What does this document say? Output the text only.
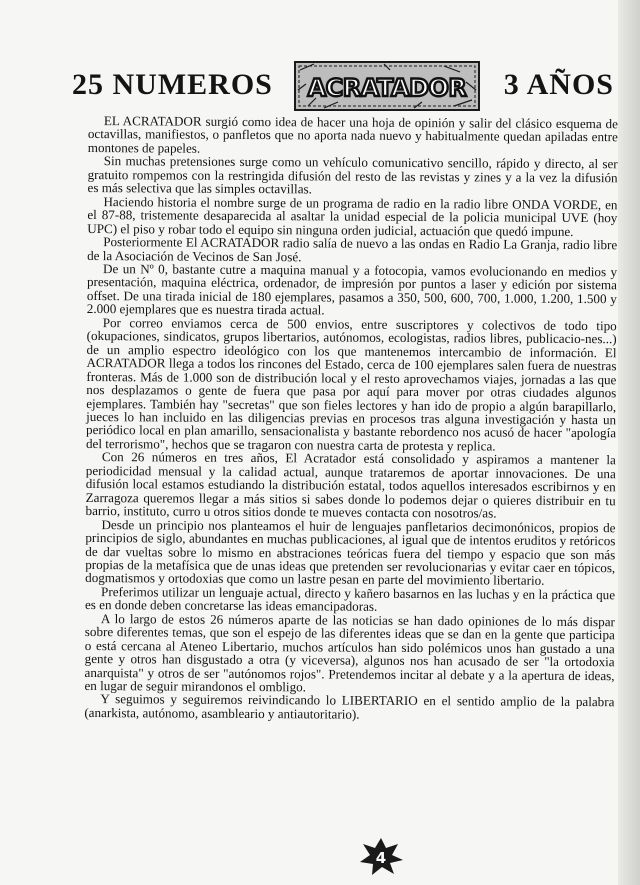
25 NUMEROS ACRATADOR 3 AÑOS

EL ACRATADOR surgió como idea de hacer una hoja de opinión y salir del clásico esquema de octavillas, manifiestos, o panfletos que no aporta nada nuevo y habitualmente quedan apiladas entre montones de papeles.

Sin muchas pretensiones surge como un vehículo comunicativo sencillo, rápido y directo, al ser gratuito rompemos con la restringida difusión del resto de las revistas y zines y a la vez la difusión es más selectiva que las simples octavillas.

Haciendo historia el nombre surge de un programa de radio en la radio libre ONDA VORDE, en el 87-88, tristemente desaparecida al asaltar la unidad especial de la policia municipal UVE (hoy UPC) el piso y robar todo el equipo sin ninguna orden judicial, actuación que quedó impune.

Posteriormente El ACRATADOR radio salía de nuevo a las ondas en Radio La Granja, radio libre de la Asociación de Vecinos de San José.

De un Nº 0, bastante cutre a maquina manual y a fotocopia, vamos evolucionando en medios y presentación, maquina eléctrica, ordenador, de impresión por puntos a laser y edición por sistema offset. De una tirada inicial de 180 ejemplares, pasamos a 350, 500, 600, 700, 1.000, 1.200, 1.500 y 2.000 ejemplares que es nuestra tirada actual.

Por correo enviamos cerca de 500 envios, entre suscriptores y colectivos de todo tipo (okupaciones, sindicatos, grupos libertarios, autónomos, ecologistas, radios libres, publicacio-nes...) de un amplio espectro ideológico con los que mantenemos intercambio de información. El ACRATADOR llega a todos los rincones del Estado, cerca de 100 ejemplares salen fuera de nuestras fronteras. Más de 1.000 son de distribución local y el resto aprovechamos viajes, jornadas a las que nos desplazamos o gente de fuera que pasa por aquí para mover por otras ciudades algunos ejemplares. También hay "secretas" que son fieles lectores y han ido de propio a algún barapillarlo, jueces lo han incluido en las diligencias previas en procesos tras alguna investigación y hasta un periódico local en plan amarillo, sensacionalista y bastante rebordenco nos acusó de hacer "apología del terrorismo", hechos que se tragaron con nuestra carta de protesta y replica.

Con 26 números en tres años, El Acratador está consolidado y aspiramos a mantener la periodicidad mensual y la calidad actual, aunque trataremos de aportar innovaciones. De una difusión local estamos estudiando la distribución estatal, todos aquellos interesados escribirnos y en Zarragoza queremos llegar a más sitios si sabes donde lo podemos dejar o quieres distribuir en tu barrio, instituto, curro u otros sitios donde te mueves contacta con nosotros/as.

Desde un principio nos planteamos el huir de lenguajes panfletarios decimonónicos, propios de principios de siglo, abundantes en muchas publicaciones, al igual que de intentos eruditos y retóricos de dar vueltas sobre lo mismo en abstraciones teóricas fuera del tiempo y espacio que son más propias de la metafísica que de unas ideas que pretenden ser revolucionarias y evitar caer en tópicos, dogmatismos y ortodoxias que como un lastre pesan en parte del movimiento libertario.

Preferimos utilizar un lenguaje actual, directo y kañero basarnos en las luchas y en la práctica que es en donde deben concretarse las ideas emancipadoras.

A lo largo de estos 26 números aparte de las noticias se han dado opiniones de lo más dispar sobre diferentes temas, que son el espejo de las diferentes ideas que se dan en la gente que participa o está cercana al Ateneo Libertario, muchos artículos han sido polémicos unos han gustado a una gente y otros han disgustado a otra (y viceversa), algunos nos han acusado de ser "la ortodoxia anarquista" y otros de ser "autónomos rojos". Pretendemos incitar al debate y a la apertura de ideas, en lugar de seguir mirandonos el ombligo.

Y seguimos y seguiremos reivindicando lo LIBERTARIO en el sentido amplio de la palabra (anarkista, autónomo, asambleario y antiautoritario).

4
